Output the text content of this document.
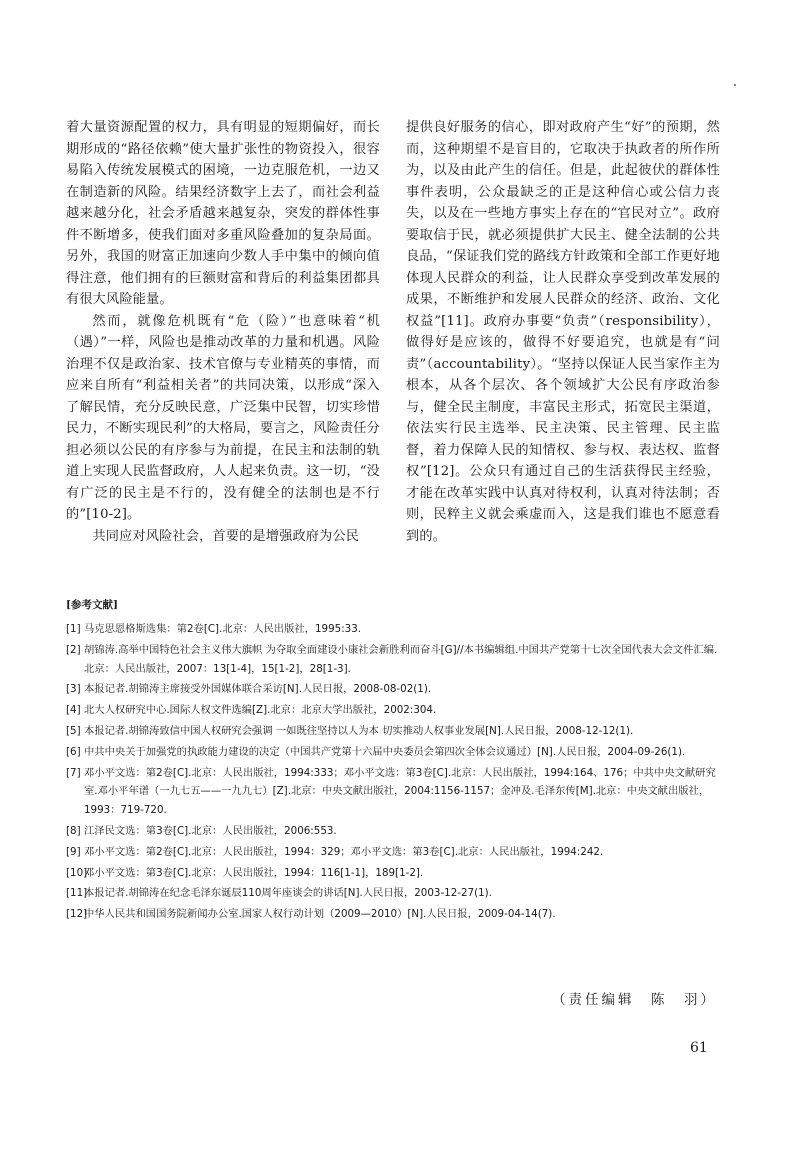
着大量资源配置的权力，具有明显的短期偏好，而长期形成的“路径依赖”使大量扩张性的物资投入，很容易陷入传统发展模式的困境，一边克服危机，一边又在制造新的风险。结果经济数字上去了，而社会利益越来越分化，社会矛盾越来越复杂，突发的群体性事件不断增多，使我们面对多重风险叠加的复杂局面。另外，我国的财富正加速向少数人手中集中的倾向值得注意，他们拥有的巨额财富和背后的利益集团都具有很大风险能量。

然而，就像危机既有“危（险）”也意味着“机（遇）”一样，风险也是推动改革的力量和机遇。风险治理不仅是政治家、技术官僚与专业精英的事情，而应来自所有“利益相关者”的共同决策，以形成“深入了解民情，充分反映民意，广泛集中民智，切实珍惜民力，不断实现民利”的大格局，要言之，风险责任分担必须以公民的有序参与为前提，在民主和法制的轨道上实现人民监督政府，人人起来负责。这一切，“没有广泛的民主是不行的，没有健全的法制也是不行的”[10-2]。

共同应对风险社会，首要的是增强政府为公民

提供良好服务的信心，即对政府产生“好”的预期，然而，这种期望不是盲目的，它取决于执政者的所作所为，以及由此产生的信任。但是，此起彼伏的群体性事件表明，公众最缺乏的正是这种信心或公信力丧失，以及在一些地方事实上存在的“官民对立”。政府要取信于民，就必须提供扩大民主、健全法制的公共良品，“保证我们党的路线方针政策和全部工作更好地体现人民群众的利益，让人民群众享受到改革发展的成果，不断维护和发展人民群众的经济、政治、文化权益”[11]。政府办事要“负责”（responsibility），做得好是应该的，做得不好要追究，也就是有“问责”（accountability）。“坚持以保证人民当家作主为根本，从各个层次、各个领域扩大公民有序政治参与，健全民主制度，丰富民主形式，拓宽民主渠道，依法实行民主选举、民主决策、民主管理、民主监督，着力保障人民的知情权、参与权、表达权、监督权”[12]。公众只有通过自己的生活获得民主经验，才能在改革实践中认真对待权利，认真对待法制；否则，民粹主义就会乘虚而入，这是我们谁也不愿意看到的。

[参考文献]
[1] 马克思恩格斯选集：第2卷[C].北京：人民出版社，1995:33.
[2] 胡锦涛.高举中国特色社会主义伟大旗帜 为夺取全面建设小康社会新胜利而奋斗[G]//本书编辑组.中国共产党第十七次全国代表大会文件汇编.北京：人民出版社，2007：13[1-4]，15[1-2]，28[1-3].
[3] 本报记者.胡锦涛主席接受外国媒体联合采访[N].人民日报，2008-08-02(1).
[4] 北大人权研究中心.国际人权文件选编[Z].北京：北京大学出版社，2002:304.
[5] 本报记者.胡锦涛致信中国人权研究会强调 一如既往坚持以人为本 切实推动人权事业发展[N].人民日报，2008-12-12(1).
[6] 中共中央关于加强党的执政能力建设的决定（中国共产党第十六届中央委员会第四次全体会议通过）[N].人民日报，2004-09-26(1).
[7] 邓小平文选：第2卷[C].北京：人民出版社，1994:333；邓小平文选：第3卷[C].北京：人民出版社，1994:164、176；中共中央文献研究室.邓小平年谱（一九七五——一九九七）[Z].北京：中央文献出版社，2004:1156-1157；金冲及.毛泽东传[M].北京：中央文献出版社，1993：719-720.
[8] 江泽民文选：第3卷[C].北京：人民出版社，2006:553.
[9] 邓小平文选：第2卷[C].北京：人民出版社，1994：329；邓小平文选：第3卷[C].北京：人民出版社，1994:242.
[10]
邓小平文选：第3卷[C].北京：人民出版社，1994：116[1-1]，189[1-2].
[11]
本报记者.胡锦涛在纪念毛泽东诞辰110周年座谈会的讲话[N].人民日报，2003-12-27(1).
[12]
中华人民共和国国务院新闻办公室.国家人权行动计划（2009—2010）[N].人民日报，2009-04-14(7).
（责任编辑　陈　羽）
61
